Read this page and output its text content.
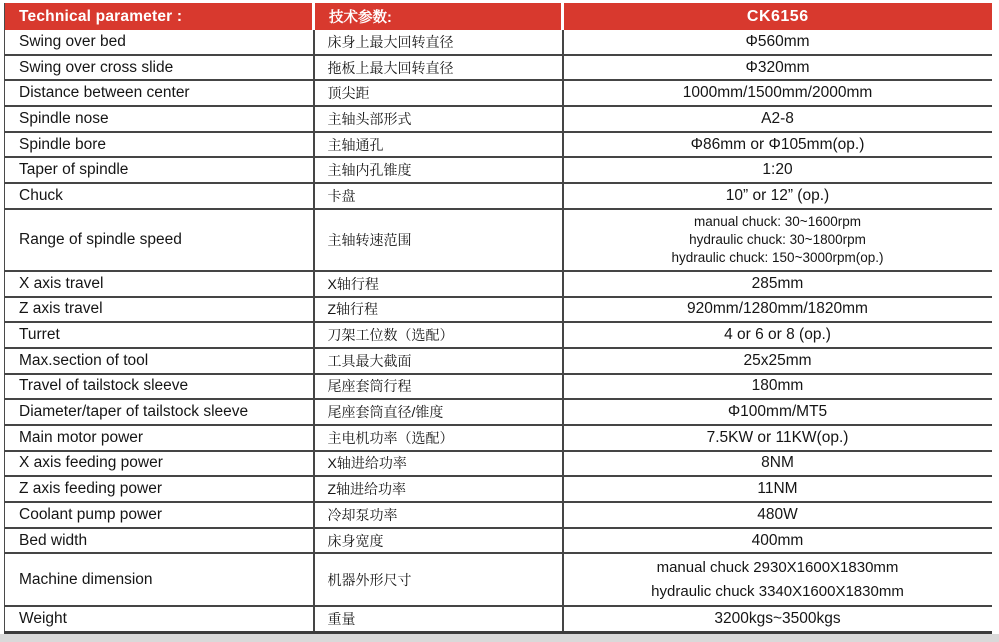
Technical parameter :	技术参数:	CK6156
Swing over bed	床身上最大回转直径	Φ560mm
Swing over cross slide	拖板上最大回转直径	Φ320mm
Distance between center	顶尖距	1000mm/1500mm/2000mm
Spindle nose	主轴头部形式	A2-8
Spindle bore	主轴通孔	Φ86mm or Φ105mm(op.)
Taper of spindle	主轴内孔锥度	1:20
Chuck	卡盘	10” or 12” (op.)
Range of spindle speed	主轴转速范围	manual chuck: 30~1600rpm
hydraulic chuck: 30~1800rpm
hydraulic chuck: 150~3000rpm(op.)

X axis travel	X轴行程	285mm
Z axis travel	Z轴行程	920mm/1280mm/1820mm
Turret	刀架工位数（选配）	4 or 6 or 8 (op.)
Max.section of tool	工具最大截面	25x25mm
Travel of tailstock sleeve	尾座套筒行程	180mm
Diameter/taper of tailstock sleeve	尾座套筒直径/锥度	Φ100mm/MT5
Main motor power	主电机功率（选配）	7.5KW or 11KW(op.)
X axis feeding power	X轴进给功率	8NM
Z axis feeding power	Z轴进给功率	11NM
Coolant pump power	冷却泵功率	480W
Bed width	床身宽度	400mm
Machine dimension	机器外形尺寸	manual chuck 2930X1600X1830mm
hydraulic chuck 3340X1600X1830mm

Weight	重量	3200kgs~3500kgs
